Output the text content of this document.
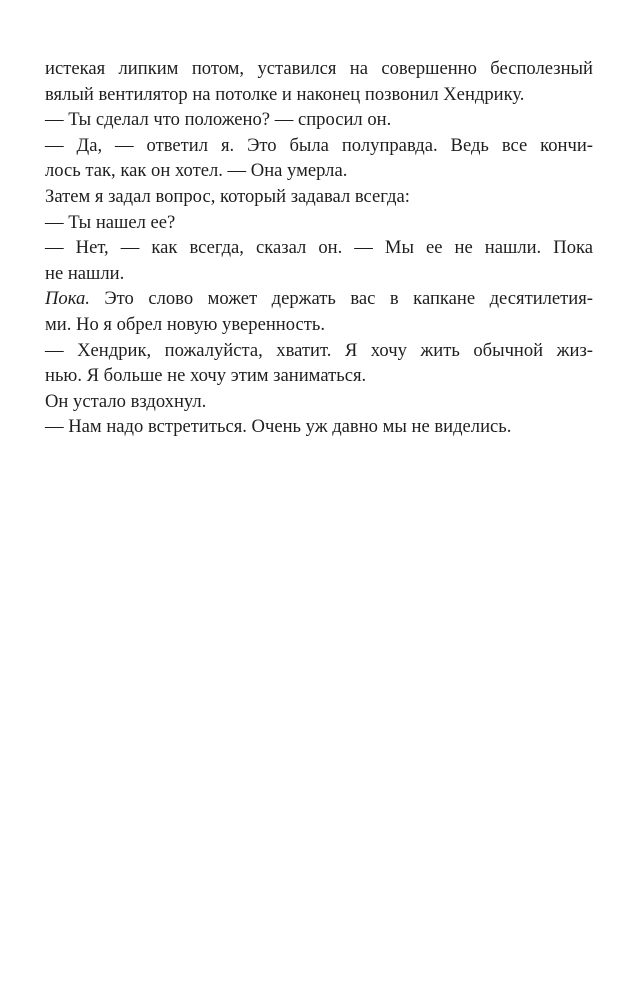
истекая липким потом, уставился на совершенно бесполезный
вялый вентилятор на потолке и наконец позвонил Хендрику.
— Ты сделал что положено? — спросил он.
— Да, — ответил я. Это была полуправда. Ведь все кончи-
лось так, как он хотел. — Она умерла.
Затем я задал вопрос, который задавал всегда:
— Ты нашел ее?
— Нет, — как всегда, сказал он. — Мы ее не нашли. Пока
не нашли.
Пока. Это слово может держать вас в капкане десятилетия-
ми. Но я обрел новую уверенность.
— Хендрик, пожалуйста, хватит. Я хочу жить обычной жиз-
нью. Я больше не хочу этим заниматься.
Он устало вздохнул.
— Нам надо встретиться. Очень уж давно мы не виделись.
